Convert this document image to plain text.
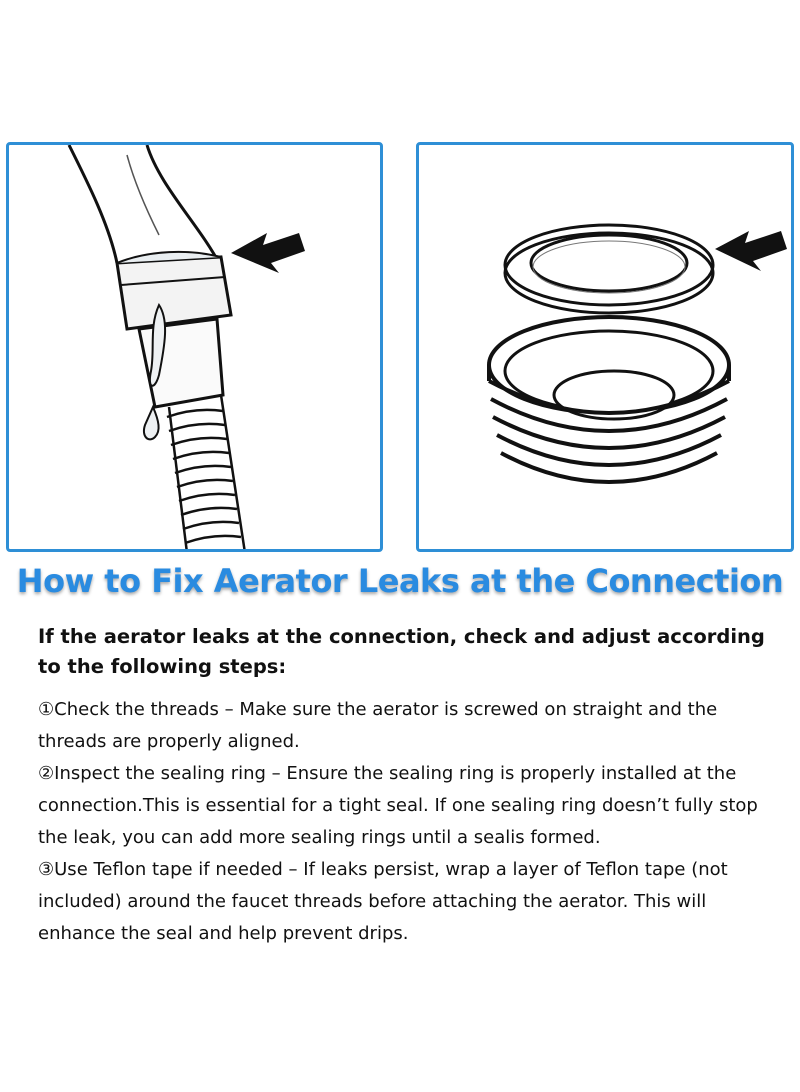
How to Fix Aerator Leaks at the Connection

If the aerator leaks at the connection, check and adjust according to the following steps:

①Check the threads – Make sure the aerator is screwed on straight and the threads are properly aligned.

②Inspect the sealing ring – Ensure the sealing ring is properly installed at the connection.This is essential for a tight seal. If one sealing ring doesn’t fully stop the leak, you can add more sealing rings until a sealis formed.

③Use Teflon tape if needed – If leaks persist, wrap a layer of Teflon tape (not included) around the faucet threads before attaching the aerator. This will enhance the seal and help prevent drips.
